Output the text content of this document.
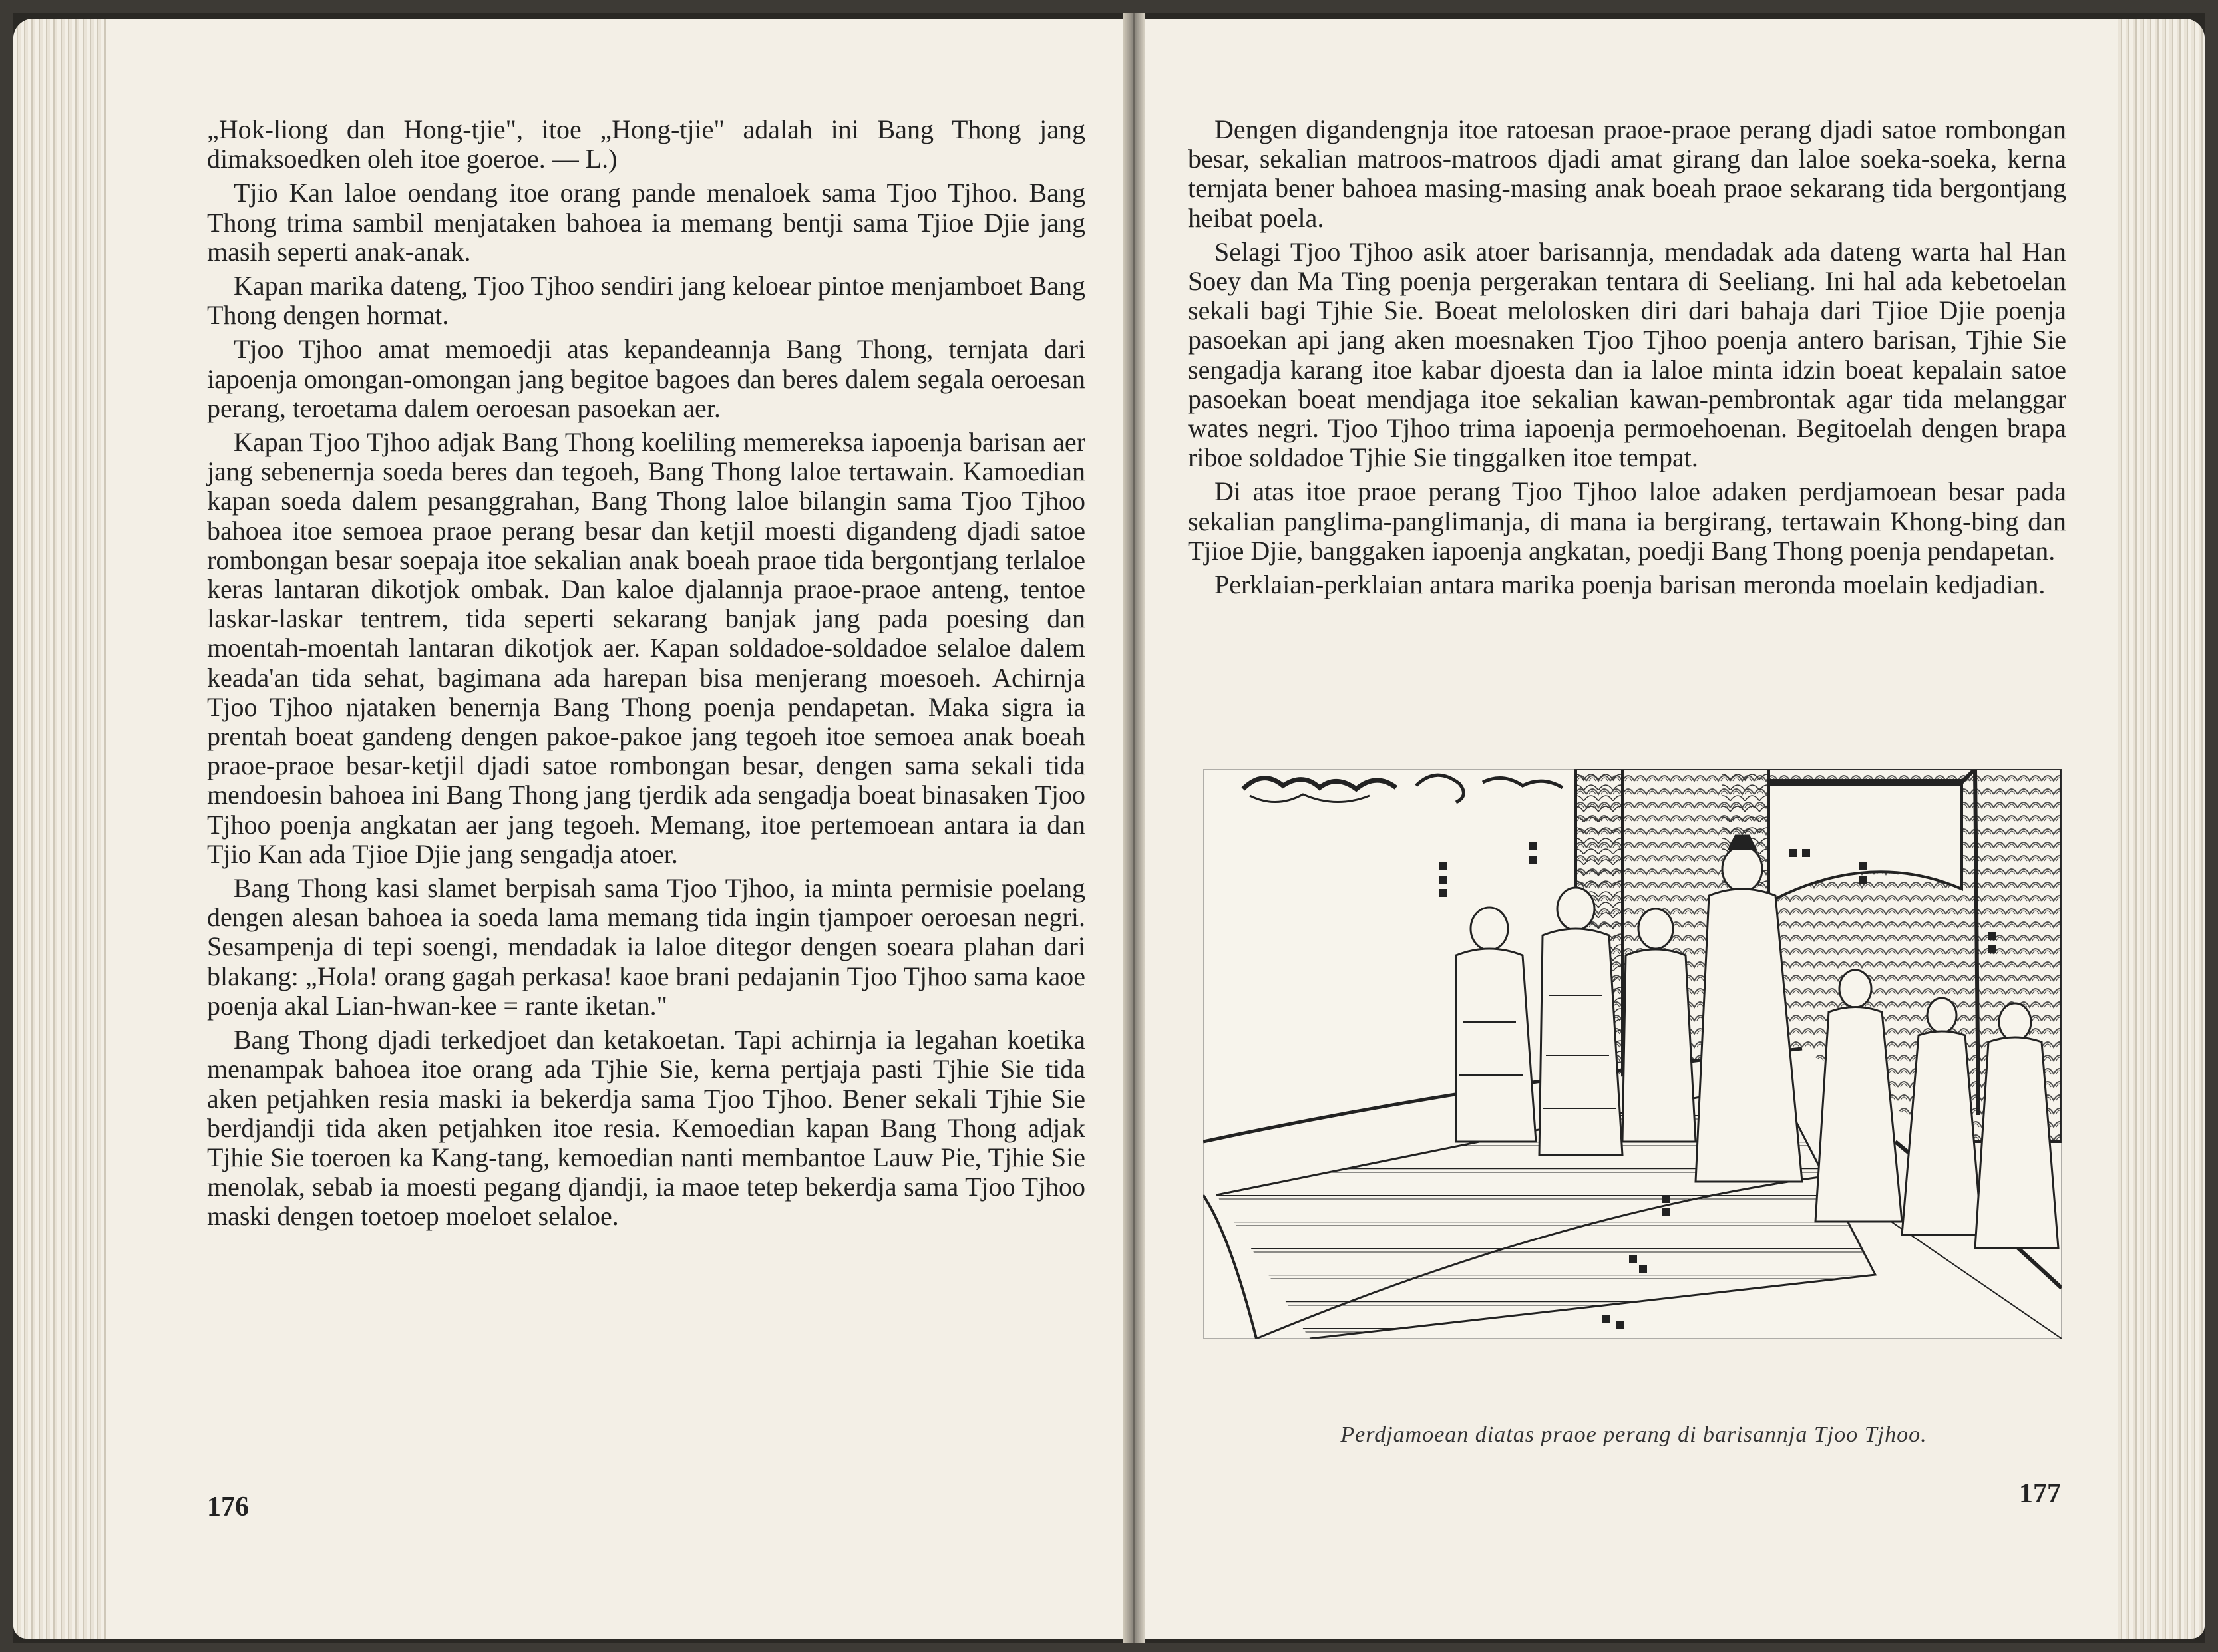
„Hok-liong dan Hong-tjie", itoe „Hong-tjie" adalah ini Bang Thong jang dimaksoedken oleh itoe goeroe. — L.)

Tjio Kan laloe oendang itoe orang pande menaloek sama Tjoo Tjhoo. Bang Thong trima sambil menjataken bahoea ia memang bentji sama Tjioe Djie jang masih seperti anak-anak.

Kapan marika dateng, Tjoo Tjhoo sendiri jang keloear pintoe menjamboet Bang Thong dengen hormat.

Tjoo Tjhoo amat memoedji atas kepandeannja Bang Thong, ternjata dari iapoenja omongan-omongan jang begitoe bagoes dan beres dalem segala oeroesan perang, teroetama dalem oeroesan pasoekan aer.

Kapan Tjoo Tjhoo adjak Bang Thong koeliling memereksa iapoenja barisan aer jang sebenernja soeda beres dan tegoeh, Bang Thong laloe tertawain. Kamoedian kapan soeda dalem pesanggrahan, Bang Thong laloe bilangin sama Tjoo Tjhoo bahoea itoe semoea praoe perang besar dan ketjil moesti digandeng djadi satoe rombongan besar soepaja itoe sekalian anak boeah praoe tida bergontjang terlaloe keras lantaran dikotjok ombak. Dan kaloe djalannja praoe-praoe anteng, tentoe laskar-laskar tentrem, tida seperti sekarang banjak jang pada poesing dan moentah-moentah lantaran dikotjok aer. Kapan soldadoe-soldadoe selaloe dalem keada'an tida sehat, bagimana ada harepan bisa menjerang moesoeh. Achirnja Tjoo Tjhoo njataken benernja Bang Thong poenja pendapetan. Maka sigra ia prentah boeat gandeng dengen pakoe-pakoe jang tegoeh itoe semoea anak boeah praoe-praoe besar-ketjil djadi satoe rombongan besar, dengen sama sekali tida mendoesin bahoea ini Bang Thong jang tjerdik ada sengadja boeat binasaken Tjoo Tjhoo poenja angkatan aer jang tegoeh. Memang, itoe pertemoean antara ia dan Tjio Kan ada Tjioe Djie jang sengadja atoer.

Bang Thong kasi slamet berpisah sama Tjoo Tjhoo, ia minta permisie poelang dengen alesan bahoea ia soeda lama memang tida ingin tjampoer oeroesan negri. Sesampenja di tepi soengi, mendadak ia laloe ditegor dengen soeara plahan dari blakang: „Hola! orang gagah perkasa! kaoe brani pedajanin Tjoo Tjhoo sama kaoe poenja akal Lian-hwan-kee = rante iketan."

Bang Thong djadi terkedjoet dan ketakoetan. Tapi achirnja ia legahan koetika menampak bahoea itoe orang ada Tjhie Sie, kerna pertjaja pasti Tjhie Sie tida aken petjahken resia maski ia bekerdja sama Tjoo Tjhoo. Bener sekali Tjhie Sie berdjandji tida aken petjahken itoe resia. Kemoedian kapan Bang Thong adjak Tjhie Sie toeroen ka Kang-tang, kemoedian nanti membantoe Lauw Pie, Tjhie Sie menolak, sebab ia moesti pegang djandji, ia maoe tetep bekerdja sama Tjoo Tjhoo maski dengen toetoep moeloet selaloe.

176

Dengen digandengnja itoe ratoesan praoe-praoe perang djadi satoe rombongan besar, sekalian matroos-matroos djadi amat girang dan laloe soeka-soeka, kerna ternjata bener bahoea masing-masing anak boeah praoe sekarang tida bergontjang heibat poela.

Selagi Tjoo Tjhoo asik atoer barisannja, mendadak ada dateng warta hal Han Soey dan Ma Ting poenja pergerakan tentara di Seeliang. Ini hal ada kebetoelan sekali bagi Tjhie Sie. Boeat melolosken diri dari bahaja dari Tjioe Djie poenja pasoekan api jang aken moesnaken Tjoo Tjhoo poenja antero barisan, Tjhie Sie sengadja karang itoe kabar djoesta dan ia laloe minta idzin boeat kepalain satoe pasoekan boeat mendjaga itoe sekalian kawan-pembrontak agar tida melanggar wates negri. Tjoo Tjhoo trima iapoenja permoehoenan. Begitoelah dengen brapa riboe soldadoe Tjhie Sie tinggalken itoe tempat.

Di atas itoe praoe perang Tjoo Tjhoo laloe adaken perdjamoean besar pada sekalian panglima-panglimanja, di mana ia bergirang, tertawain Khong-bing dan Tjioe Djie, banggaken iapoenja angkatan, poedji Bang Thong poenja pendapetan.

Perklaian-perklaian antara marika poenja barisan meronda moelain kedjadian.

Perdjamoean diatas praoe perang di barisannja Tjoo Tjhoo.
177
